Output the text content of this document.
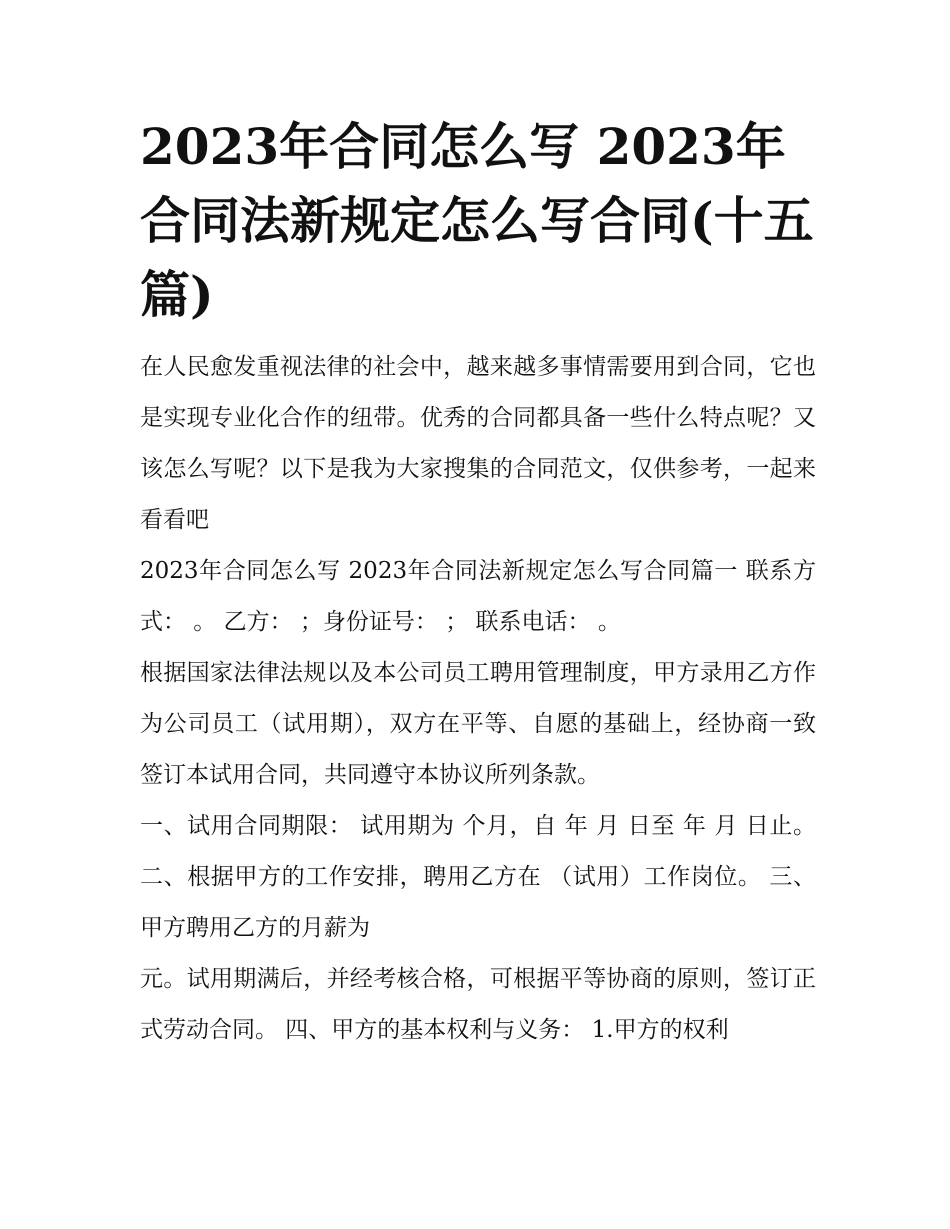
2023年合同怎么写 2023年合同法新规定怎么写合同(十五篇)

在人民愈发重视法律的社会中，越来越多事情需要用到合同，它也是实现专业化合作的纽带。优秀的合同都具备一些什么特点呢？又该怎么写呢？以下是我为大家搜集的合同范文，仅供参考，一起来看看吧

2023年合同怎么写 2023年合同法新规定怎么写合同篇一 联系方式： 。 乙方： ；身份证号： ； 联系电话： 。

根据国家法律法规以及本公司员工聘用管理制度，甲方录用乙方作为公司员工（试用期），双方在平等、自愿的基础上，经协商一致签订本试用合同，共同遵守本协议所列条款。

一、试用合同期限： 试用期为 个月，自 年 月 日至 年 月 日止。 二、根据甲方的工作安排，聘用乙方在 （试用）工作岗位。 三、甲方聘用乙方的月薪为

元。试用期满后，并经考核合格，可根据平等协商的原则，签订正式劳动合同。 四、甲方的基本权利与义务： 1.甲方的权利
